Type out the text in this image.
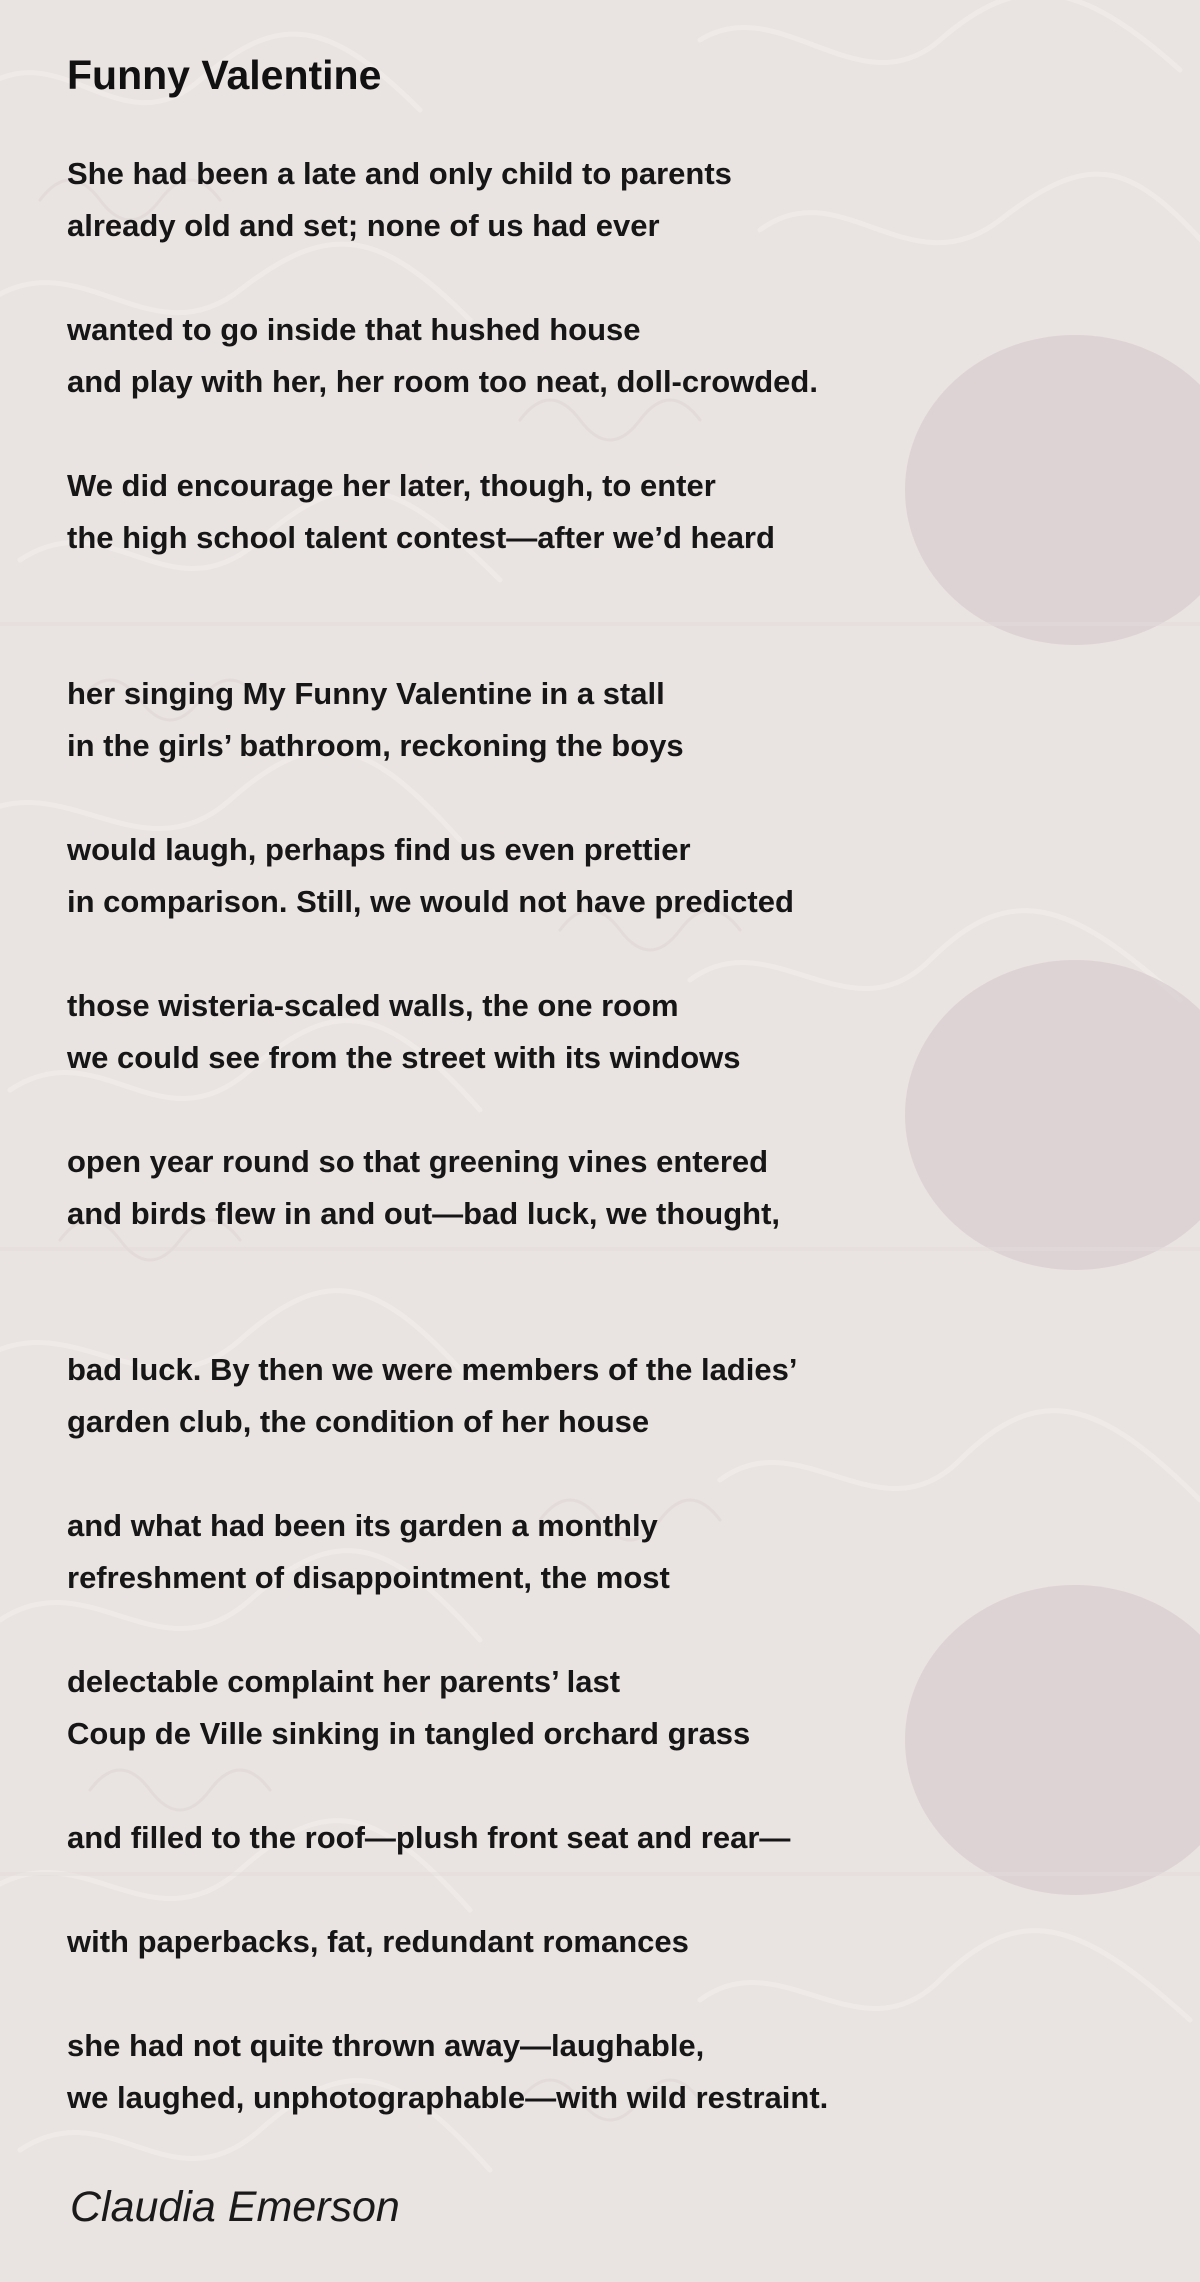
Funny Valentine
She had been a late and only child to parents
already old and set; none of us had ever
wanted to go inside that hushed house
and play with her, her room too neat, doll-crowded.
We did encourage her later, though, to enter
the high school talent contest—after we’d heard
her singing My Funny Valentine in a stall
in the girls’ bathroom, reckoning the boys
would laugh, perhaps find us even prettier
in comparison. Still, we would not have predicted
those wisteria-scaled walls, the one room
we could see from the street with its windows
open year round so that greening vines entered
and birds flew in and out—bad luck, we thought,
bad luck. By then we were members of the ladies’
garden club, the condition of her house
and what had been its garden a monthly
refreshment of disappointment, the most
delectable complaint her parents’ last
Coup de Ville sinking in tangled orchard grass
and filled to the roof—plush front seat and rear—
with paperbacks, fat, redundant romances
she had not quite thrown away—laughable,
we laughed, unphotographable—with wild restraint.
Claudia Emerson
